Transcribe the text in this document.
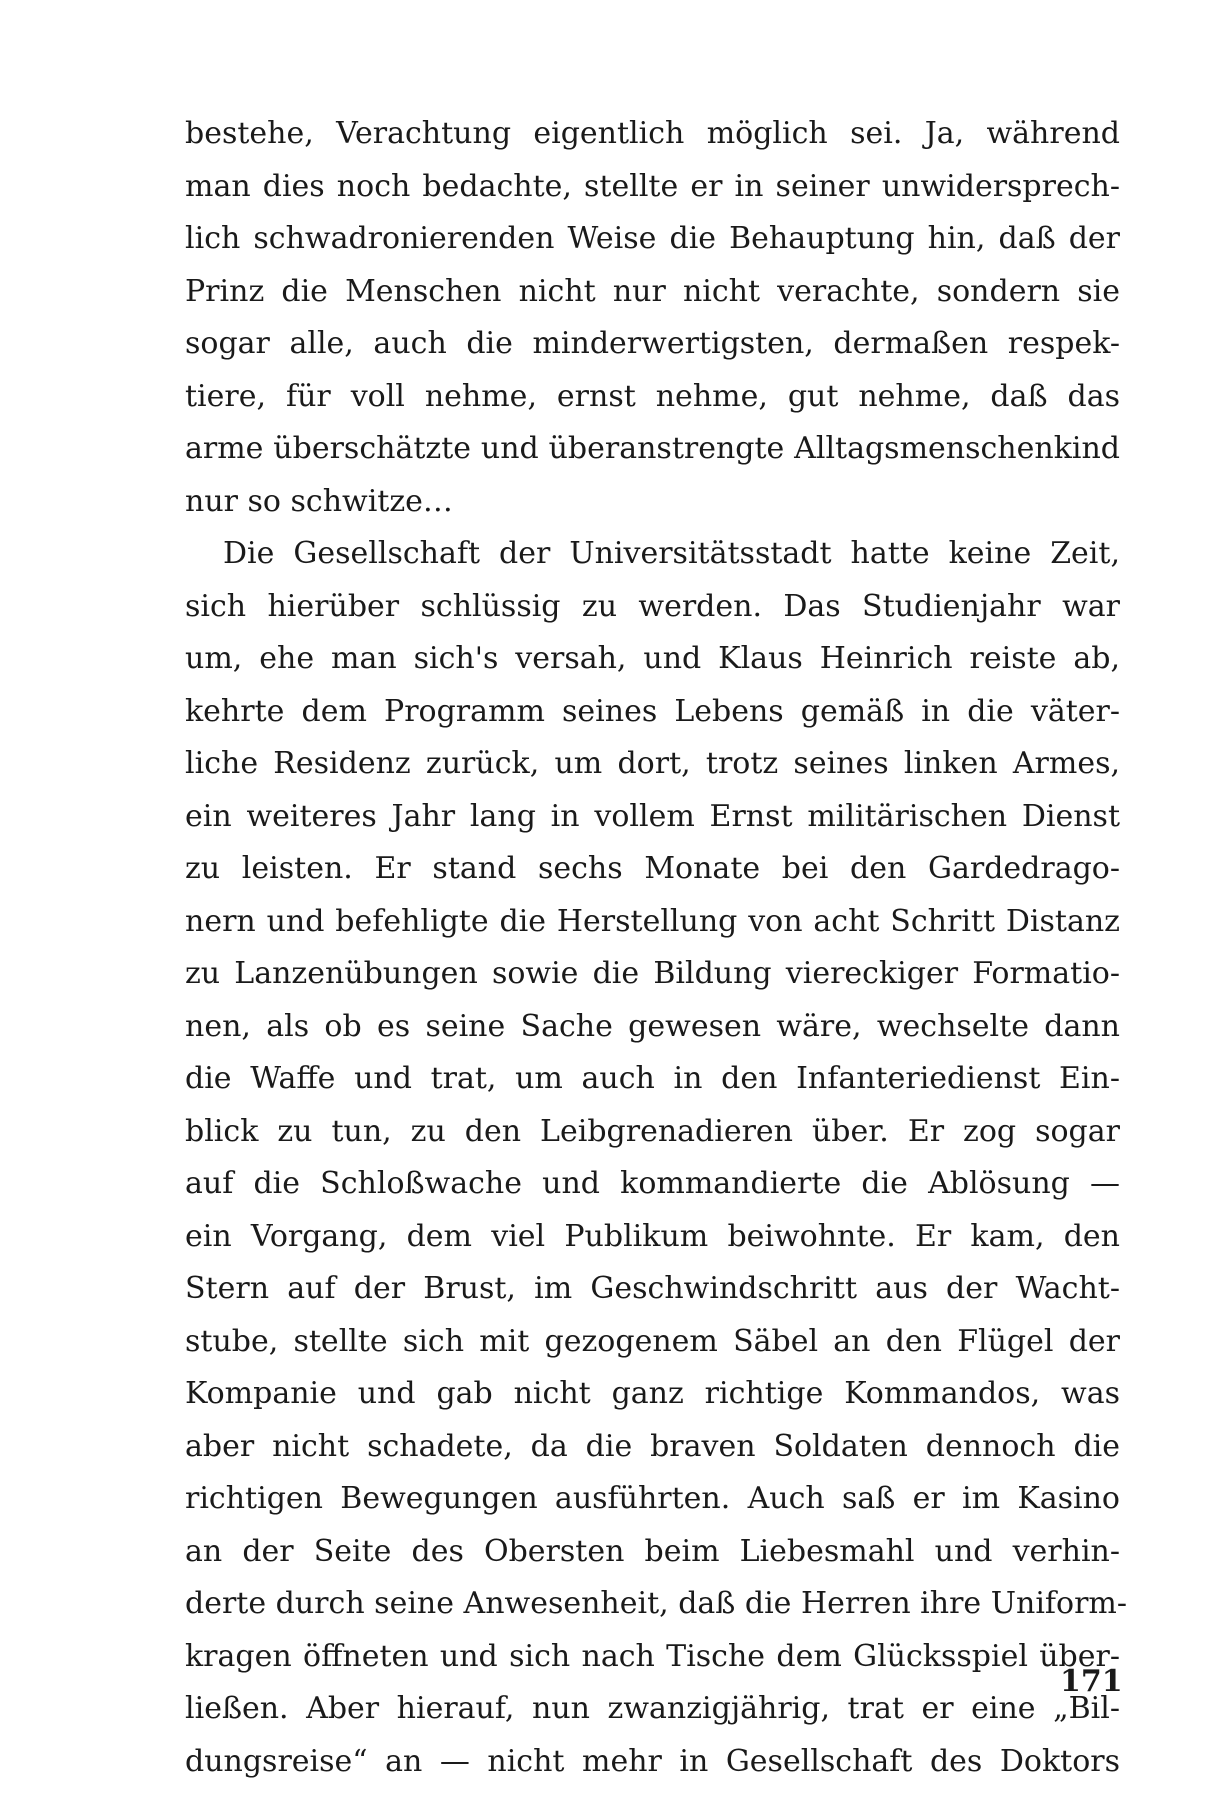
bestehe, Verachtung eigentlich möglich sei. Ja, während
man dies noch bedachte, stellte er in seiner unwidersprech-
lich schwadronierenden Weise die Behauptung hin, daß der
Prinz die Menschen nicht nur nicht verachte, sondern sie
sogar alle, auch die minderwertigsten, dermaßen respek-
tiere, für voll nehme, ernst nehme, gut nehme, daß das
arme überschätzte und überanstrengte Alltagsmenschenkind
nur so schwitze…
Die Gesellschaft der Universitätsstadt hatte keine Zeit,
sich hierüber schlüssig zu werden. Das Studienjahr war
um, ehe man sich's versah, und Klaus Heinrich reiste ab,
kehrte dem Programm seines Lebens gemäß in die väter-
liche Residenz zurück, um dort, trotz seines linken Armes,
ein weiteres Jahr lang in vollem Ernst militärischen Dienst
zu leisten. Er stand sechs Monate bei den Gardedrago-
nern und befehligte die Herstellung von acht Schritt Distanz
zu Lanzenübungen sowie die Bildung viereckiger Formatio-
nen, als ob es seine Sache gewesen wäre, wechselte dann
die Waffe und trat, um auch in den Infanteriedienst Ein-
blick zu tun, zu den Leibgrenadieren über. Er zog sogar
auf die Schloßwache und kommandierte die Ablösung —
ein Vorgang, dem viel Publikum beiwohnte. Er kam, den
Stern auf der Brust, im Geschwindschritt aus der Wacht-
stube, stellte sich mit gezogenem Säbel an den Flügel der
Kompanie und gab nicht ganz richtige Kommandos, was
aber nicht schadete, da die braven Soldaten dennoch die
richtigen Bewegungen ausführten. Auch saß er im Kasino
an der Seite des Obersten beim Liebesmahl und verhin-
derte durch seine Anwesenheit, daß die Herren ihre Uniform-
kragen öffneten und sich nach Tische dem Glücksspiel über-
ließen. Aber hierauf, nun zwanzigjährig, trat er eine „Bil-
dungsreise“ an — nicht mehr in Gesellschaft des Doktors
171
